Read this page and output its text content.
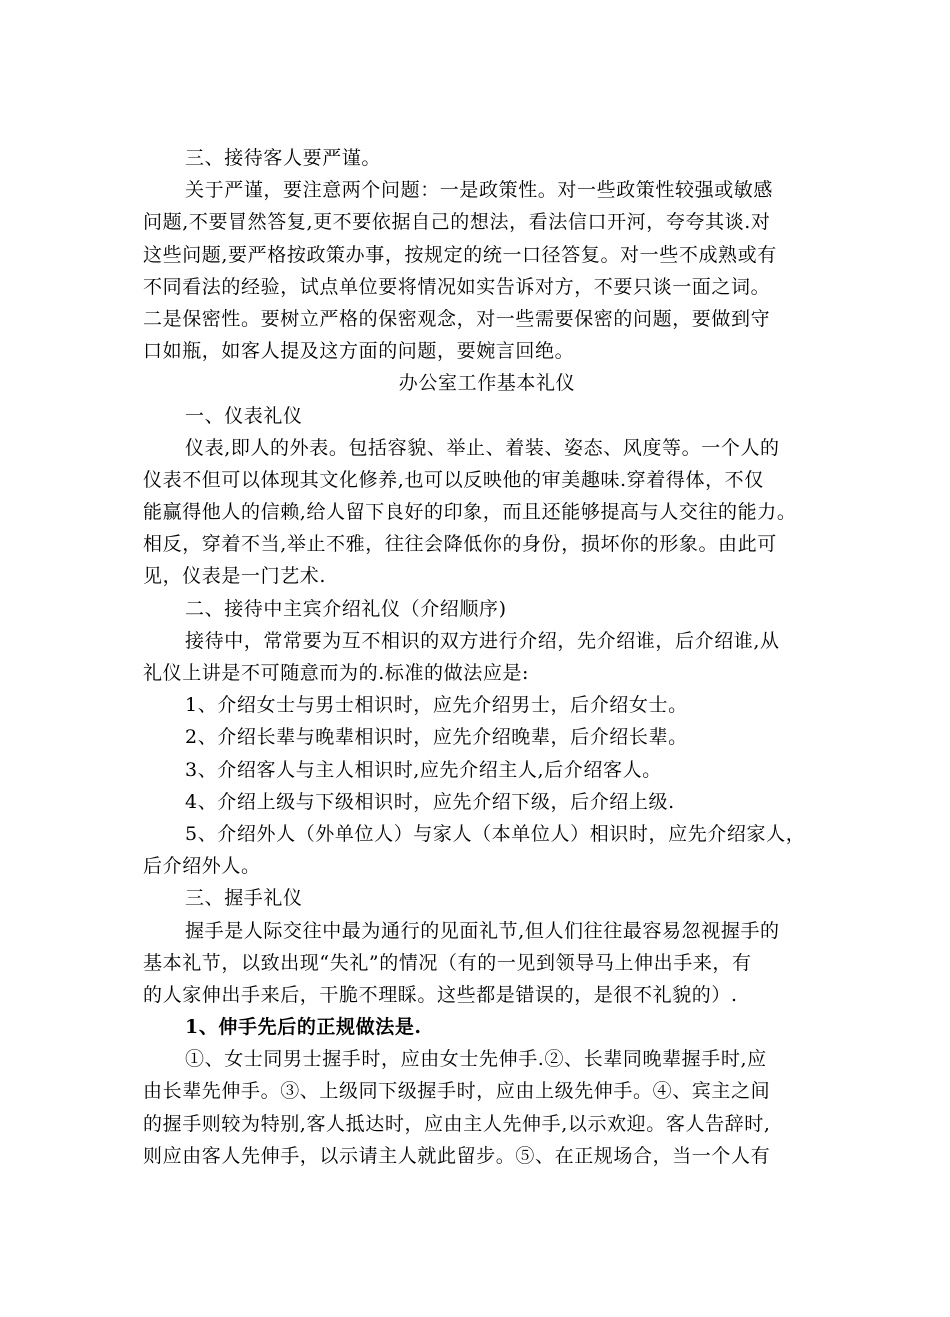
三、接待客人要严谨。
关于严谨，要注意两个问题：一是政策性。对一些政策性较强或敏感
问题,不要冒然答复,更不要依据自己的想法，看法信口开河，夸夸其谈.对
这些问题,要严格按政策办事，按规定的统一口径答复。对一些不成熟或有
不同看法的经验，试点单位要将情况如实告诉对方，不要只谈一面之词。
二是保密性。要树立严格的保密观念，对一些需要保密的问题，要做到守
口如瓶，如客人提及这方面的问题，要婉言回绝。
办公室工作基本礼仪
一、仪表礼仪
仪表,即人的外表。包括容貌、举止、着装、姿态、风度等。一个人的
仪表不但可以体现其文化修养,也可以反映他的审美趣味.穿着得体，不仅
能赢得他人的信赖,给人留下良好的印象，而且还能够提高与人交往的能力。
相反，穿着不当,举止不雅，往往会降低你的身份，损坏你的形象。由此可
见，仪表是一门艺术.
二、接待中主宾介绍礼仪（介绍顺序)
接待中，常常要为互不相识的双方进行介绍，先介绍谁，后介绍谁,从
礼仪上讲是不可随意而为的.标准的做法应是:
1、介绍女士与男士相识时，应先介绍男士，后介绍女士。
2、介绍长辈与晚辈相识时，应先介绍晚辈，后介绍长辈。
3、介绍客人与主人相识时,应先介绍主人,后介绍客人。
4、介绍上级与下级相识时，应先介绍下级，后介绍上级.
5、介绍外人（外单位人）与家人（本单位人）相识时，应先介绍家人，
后介绍外人。
三、握手礼仪
握手是人际交往中最为通行的见面礼节,但人们往往最容易忽视握手的
基本礼节，以致出现“失礼”的情况（有的一见到领导马上伸出手来，有
的人家伸出手来后，干脆不理睬。这些都是错误的，是很不礼貌的）.
1、伸手先后的正规做法是.
①、女士同男士握手时，应由女士先伸手.②、长辈同晚辈握手时,应
由长辈先伸手。③、上级同下级握手时，应由上级先伸手。④、宾主之间
的握手则较为特别,客人抵达时，应由主人先伸手,以示欢迎。客人告辞时,
则应由客人先伸手，以示请主人就此留步。⑤、在正规场合，当一个人有
